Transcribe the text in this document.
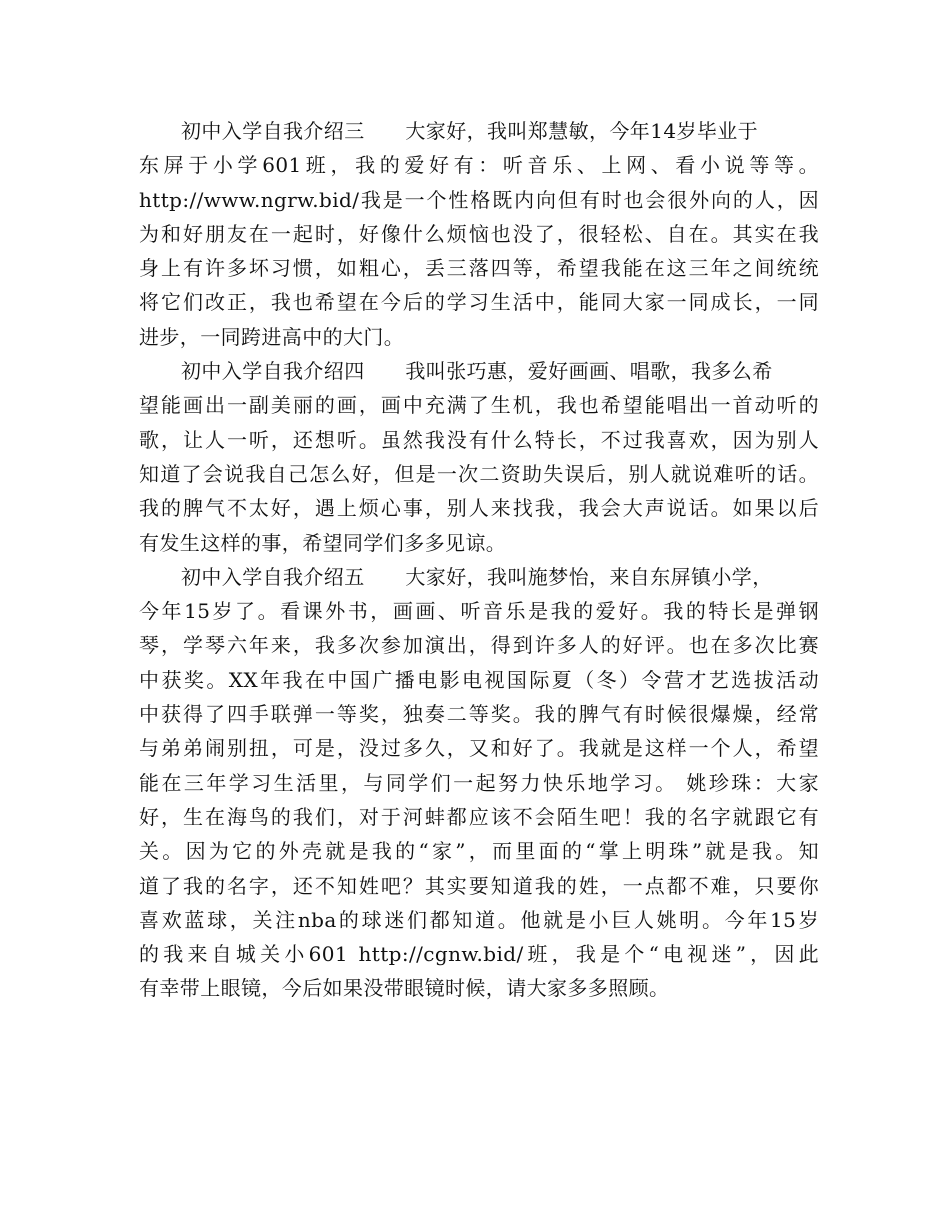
初中入学自我介绍三　　大家好，我叫郑慧敏，今年14岁毕业于
东屏于小学601班，我的爱好有：听音乐、上网、看小说等等。
http://www.ngrw.bid/我是一个性格既内向但有时也会很外向的人，因
为和好朋友在一起时，好像什么烦恼也没了，很轻松、自在。其实在我
身上有许多坏习惯，如粗心，丢三落四等，希望我能在这三年之间统统
将它们改正，我也希望在今后的学习生活中，能同大家一同成长，一同
进步，一同跨进高中的大门。
初中入学自我介绍四　　我叫张巧惠，爱好画画、唱歌，我多么希
望能画出一副美丽的画，画中充满了生机，我也希望能唱出一首动听的
歌，让人一听，还想听。虽然我没有什么特长，不过我喜欢，因为别人
知道了会说我自己怎么好，但是一次二资助失误后，别人就说难听的话。
我的脾气不太好，遇上烦心事，别人来找我，我会大声说话。如果以后
有发生这样的事，希望同学们多多见谅。
初中入学自我介绍五　　大家好，我叫施梦怡，来自东屏镇小学，
今年15岁了。看课外书，画画、听音乐是我的爱好。我的特长是弹钢
琴，学琴六年来，我多次参加演出，得到许多人的好评。也在多次比赛
中获奖。XX年我在中国广播电影电视国际夏（冬）令营才艺选拔活动
中获得了四手联弹一等奖，独奏二等奖。我的脾气有时候很爆燥，经常
与弟弟闹别扭，可是，没过多久，又和好了。我就是这样一个人，希望
能在三年学习生活里，与同学们一起努力快乐地学习。 姚珍珠：大家
好，生在海鸟的我们，对于河蚌都应该不会陌生吧！我的名字就跟它有
关。因为它的外壳就是我的“家”，而里面的“掌上明珠”就是我。知
道了我的名字，还不知姓吧？其实要知道我的姓，一点都不难，只要你
喜欢蓝球，关注nba的球迷们都知道。他就是小巨人姚明。今年15岁
的我来自城关小601 http://cgnw.bid/班，我是个“电视迷”，因此
有幸带上眼镜，今后如果没带眼镜时候，请大家多多照顾。
